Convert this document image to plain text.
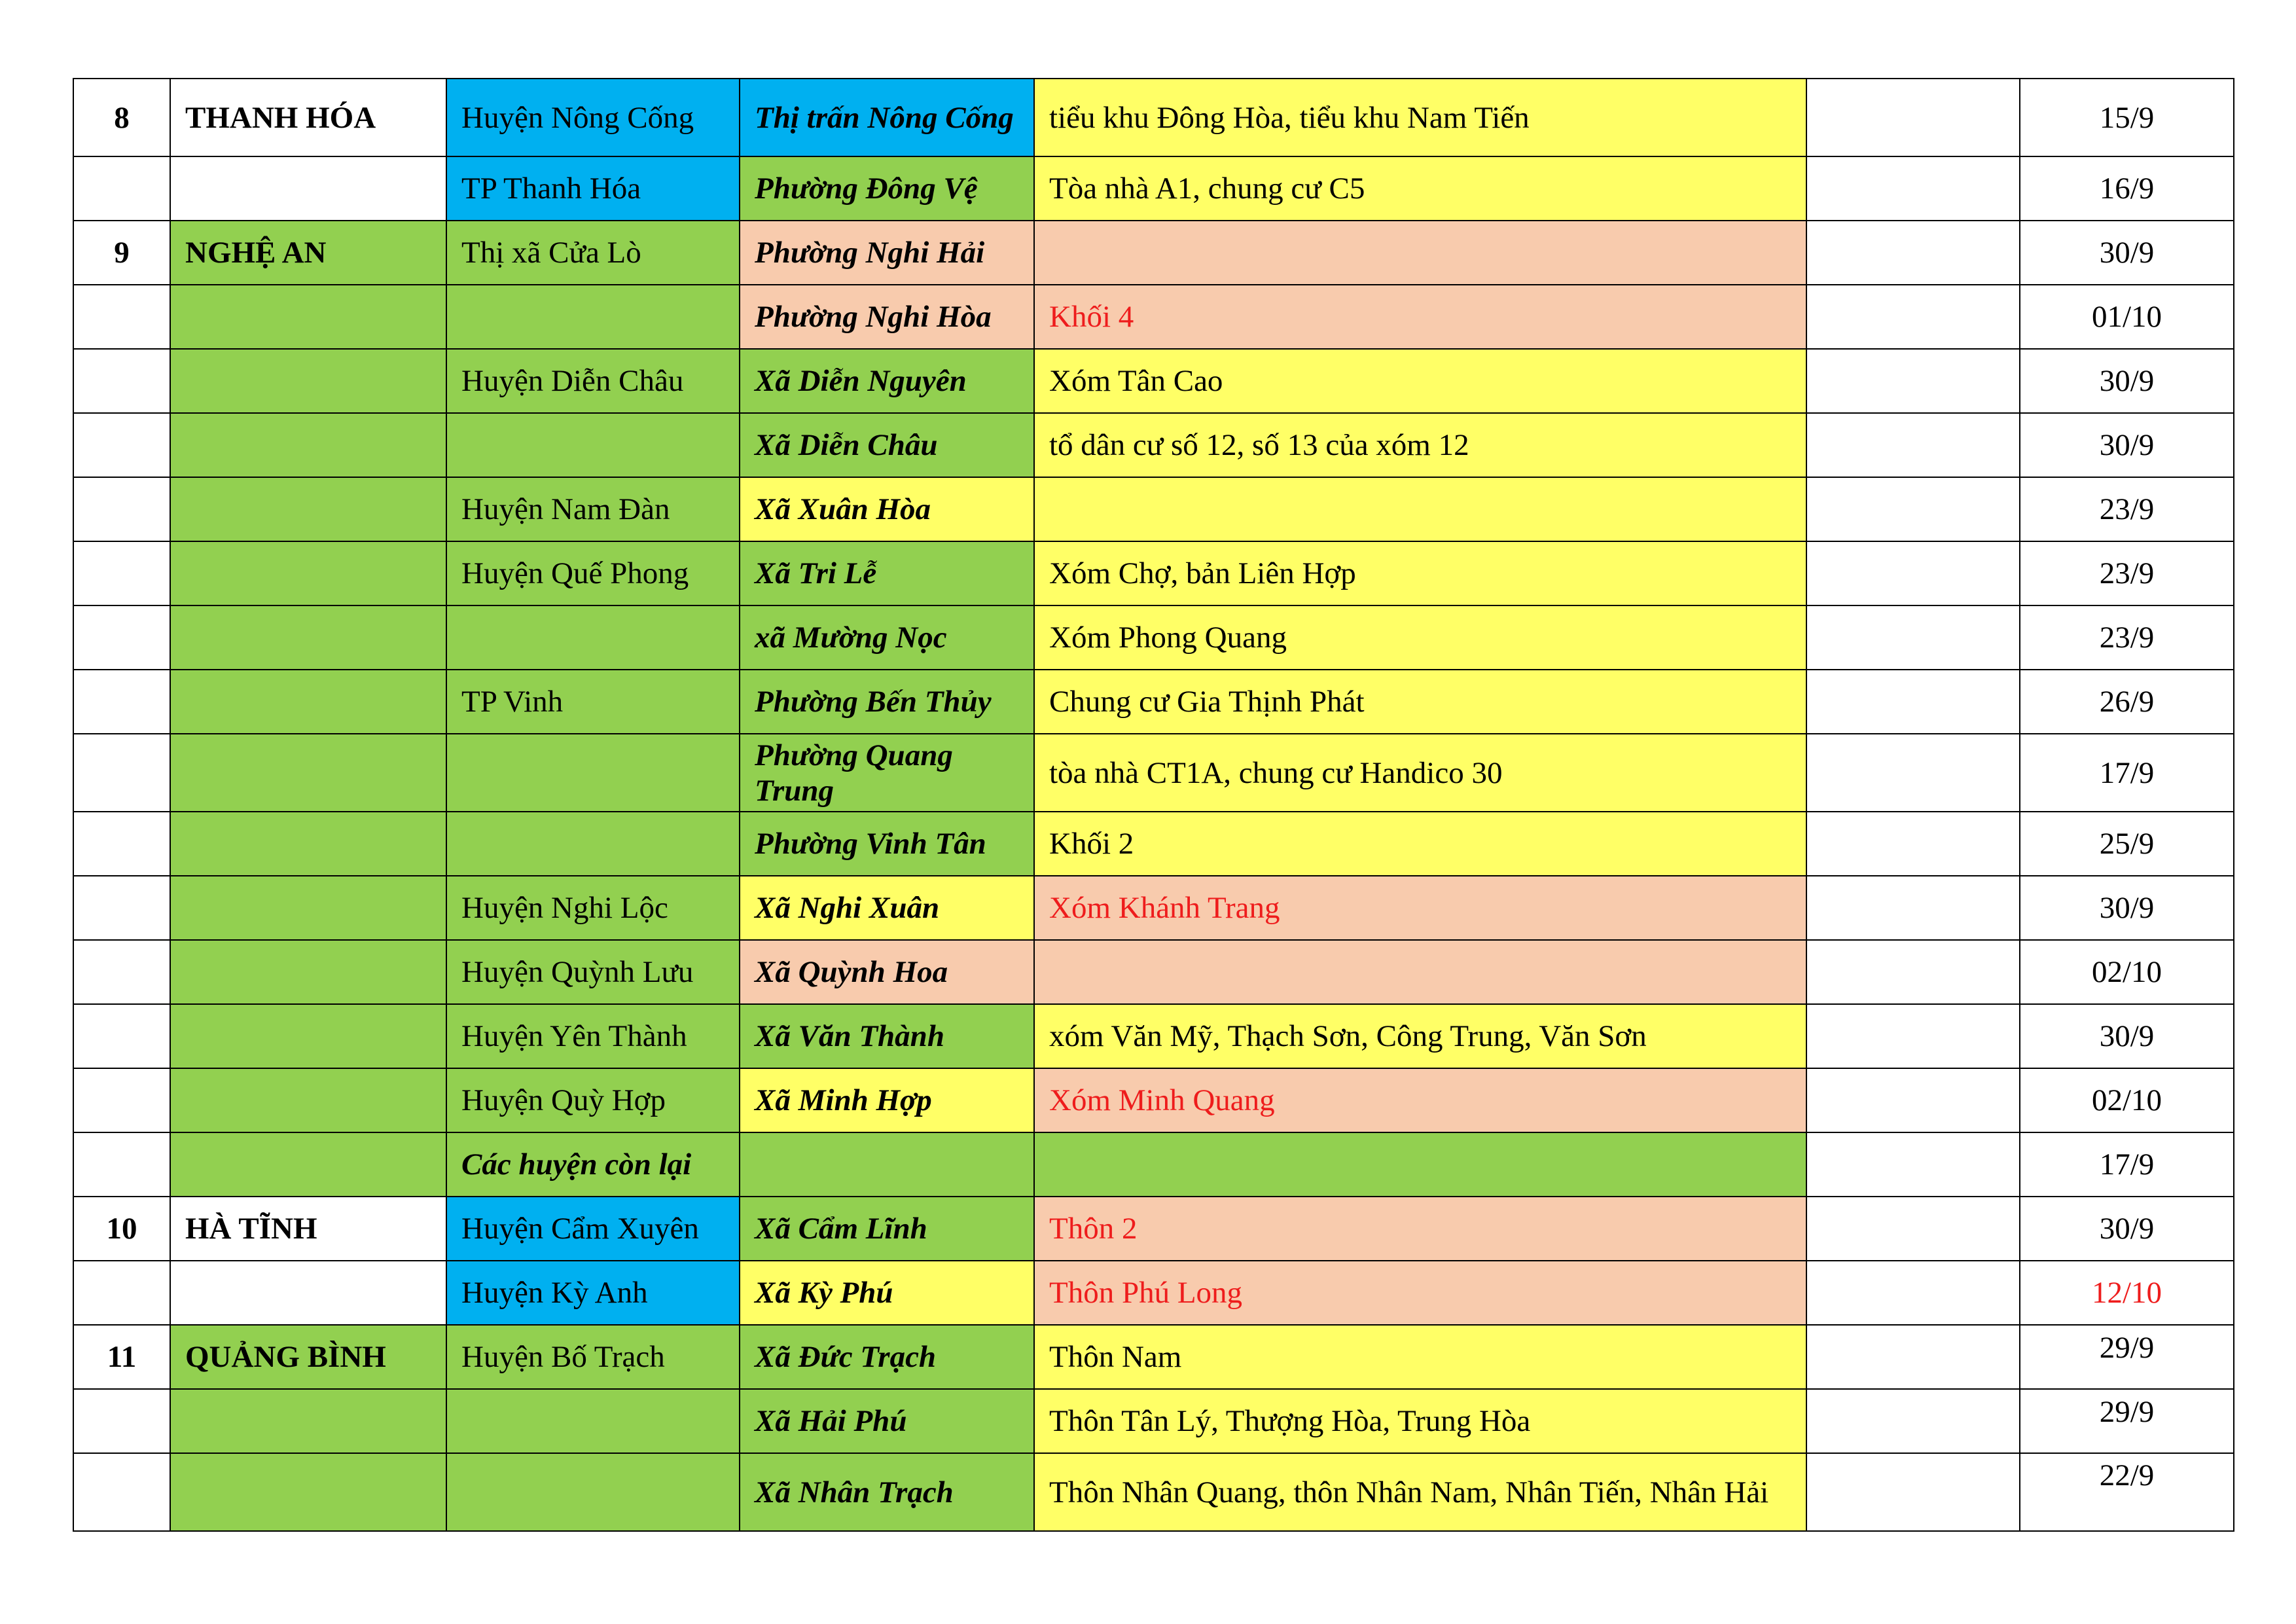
8	THANH HÓA	Huyện Nông Cống	Thị trấn Nông Cống	tiểu khu Đông Hòa, tiểu khu Nam Tiến		15/9
		TP Thanh Hóa	Phường Đông Vệ	Tòa nhà A1, chung cư C5		16/9
9	NGHỆ AN	Thị xã Cửa Lò	Phường Nghi Hải			30/9
			Phường Nghi Hòa	Khối 4		01/10
		Huyện Diễn Châu	Xã Diễn Nguyên	Xóm Tân Cao		30/9
			Xã Diễn Châu	tổ dân cư số 12, số 13 của xóm 12		30/9
		Huyện Nam Đàn	Xã Xuân Hòa			23/9
		Huyện Quế Phong	Xã Tri Lễ	Xóm Chợ, bản Liên Hợp		23/9
			xã Mường Nọc	Xóm Phong Quang		23/9
		TP Vinh	Phường Bến Thủy	Chung cư Gia Thịnh Phát		26/9
			Phường Quang Trung	tòa nhà CT1A, chung cư Handico 30		17/9
			Phường Vinh Tân	Khối 2		25/9
		Huyện Nghi Lộc	Xã Nghi Xuân	Xóm Khánh Trang		30/9
		Huyện Quỳnh Lưu	Xã Quỳnh Hoa			02/10
		Huyện Yên Thành	Xã Văn Thành	xóm Văn Mỹ, Thạch Sơn, Công Trung, Văn Sơn		30/9
		Huyện Quỳ Hợp	Xã Minh Hợp	Xóm Minh Quang		02/10
		Các huyện còn lại				17/9
10	HÀ TĨNH	Huyện Cẩm Xuyên	Xã Cẩm Lĩnh	Thôn 2		30/9
		Huyện Kỳ Anh	Xã Kỳ Phú	Thôn Phú Long		12/10
11	QUẢNG BÌNH	Huyện Bố Trạch	Xã Đức Trạch	Thôn Nam		29/9
			Xã Hải Phú	Thôn Tân Lý, Thượng Hòa, Trung Hòa		29/9
			Xã Nhân Trạch	Thôn Nhân Quang, thôn Nhân Nam, Nhân Tiến, Nhân Hải		22/9
